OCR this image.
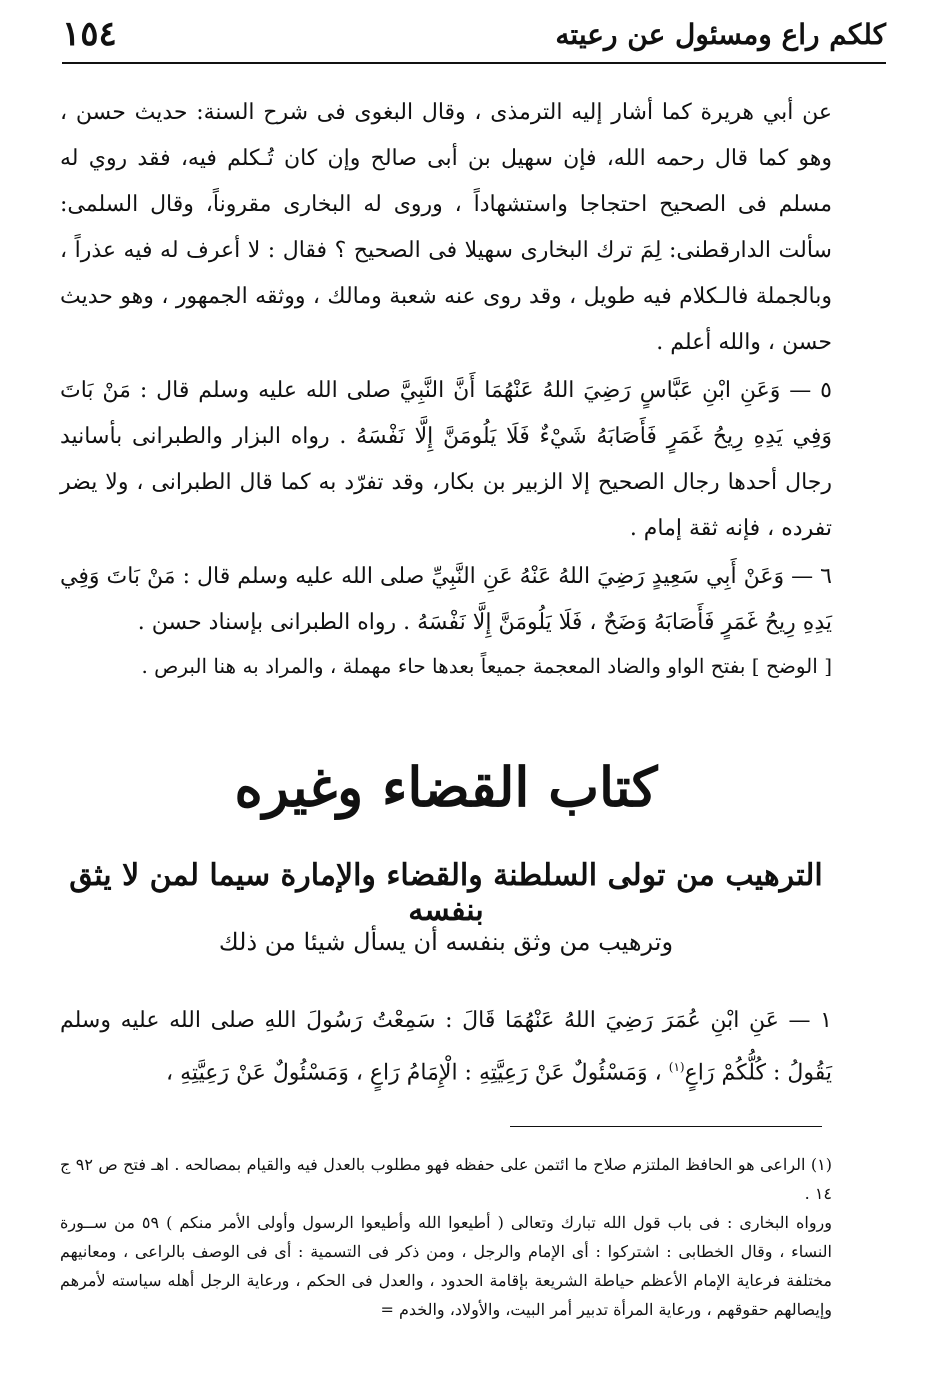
١٥٤	كلكم راع ومسئول عن رعيته

عن أبي هريرة كما أشار إليه الترمذى ، وقال البغوى فى شرح السنة: حديث حسن ، وهو كما قال رحمه الله، فإن سهيل بن أبى صالح وإن كان تُـكلم فيه، فقد روي له مسلم فى الصحيح احتجاجا واستشهاداً ، وروى له البخارى مقروناً، وقال السلمى: سألت الدارقطنى: لِمَ ترك البخارى سهيلا فى الصحيح ؟ فقال : لا أعرف له فيه عذراً ، وبالجملة فالـكلام فيه طويل ، وقد روى عنه شعبة ومالك ، ووثقه الجمهور ، وهو حديث حسن ، والله أعلم .

٥ — وَعَنِ ابْنِ عَبَّاسٍ رَضِيَ اللهُ عَنْهُمَا أَنَّ النَّبِيَّ صلى الله عليه وسلم قال : مَنْ بَاتَ وَفِي يَدِهِ رِيحُ غَمَرٍ فَأَصَابَهُ شَيْءٌ فَلَا يَلُومَنَّ إِلَّا نَفْسَهُ . رواه البزار والطبرانى بأسانيد رجال أحدها رجال الصحيح إلا الزبير بن بكار، وقد تفرّد به كما قال الطبرانى ، ولا يضر تفرده ، فإنه ثقة إمام .

٦ — وَعَنْ أَبِي سَعِيدٍ رَضِيَ اللهُ عَنْهُ عَنِ النَّبِيِّ صلى الله عليه وسلم قال : مَنْ بَاتَ وَفِي يَدِهِ رِيحُ غَمَرٍ فَأَصَابَهُ وَضَحٌ ، فَلَا يَلُومَنَّ إِلَّا نَفْسَهُ . رواه الطبرانى بإسناد حسن .

[ الوضح ] بفتح الواو والضاد المعجمة جميعاً بعدها حاء مهملة ، والمراد به هنا البرص .

كتاب القضاء وغيره
الترهيب من تولى السلطنة والقضاء والإمارة سيما لمن لا يثق بنفسه
وترهيب من وثق بنفسه أن يسأل شيئا من ذلك

١ — عَنِ ابْنِ عُمَرَ رَضِيَ اللهُ عَنْهُمَا قَالَ : سَمِعْتُ رَسُولَ اللهِ صلى الله عليه وسلم يَقُولُ : كُلُّكُمْ رَاعٍ$^{(١)}$ ، وَمَسْئُولٌ عَنْ رَعِيَّتِهِ : الْإِمَامُ رَاعٍ ، وَمَسْئُولٌ عَنْ رَعِيَّتِهِ ،

(١) الراعى هو الحافظ الملتزم صلاح ما ائتمن على حفظه فهو مطلوب بالعدل فيه والقيام بمصالحه . اهـ فتح ص ٩٢ ج ١٤ .

ورواه البخارى : فى باب قول الله تبارك وتعالى ( أطيعوا الله وأطيعوا الرسول وأولى الأمر منكم ) ٥٩ من ســورة النساء ، وقال الخطابى : اشتركوا : أى الإمام والرجل ، ومن ذكر فى التسمية : أى فى الوصف بالراعى ، ومعانيهم مختلفة فرعاية الإمام الأعظم حياطة الشريعة بإقامة الحدود ، والعدل فى الحكم ، ورعاية الرجل أهله سياسته لأمرهم وإيصالهم حقوقهم ، ورعاية المرأة تدبير أمر البيت، والأولاد، والخدم =
